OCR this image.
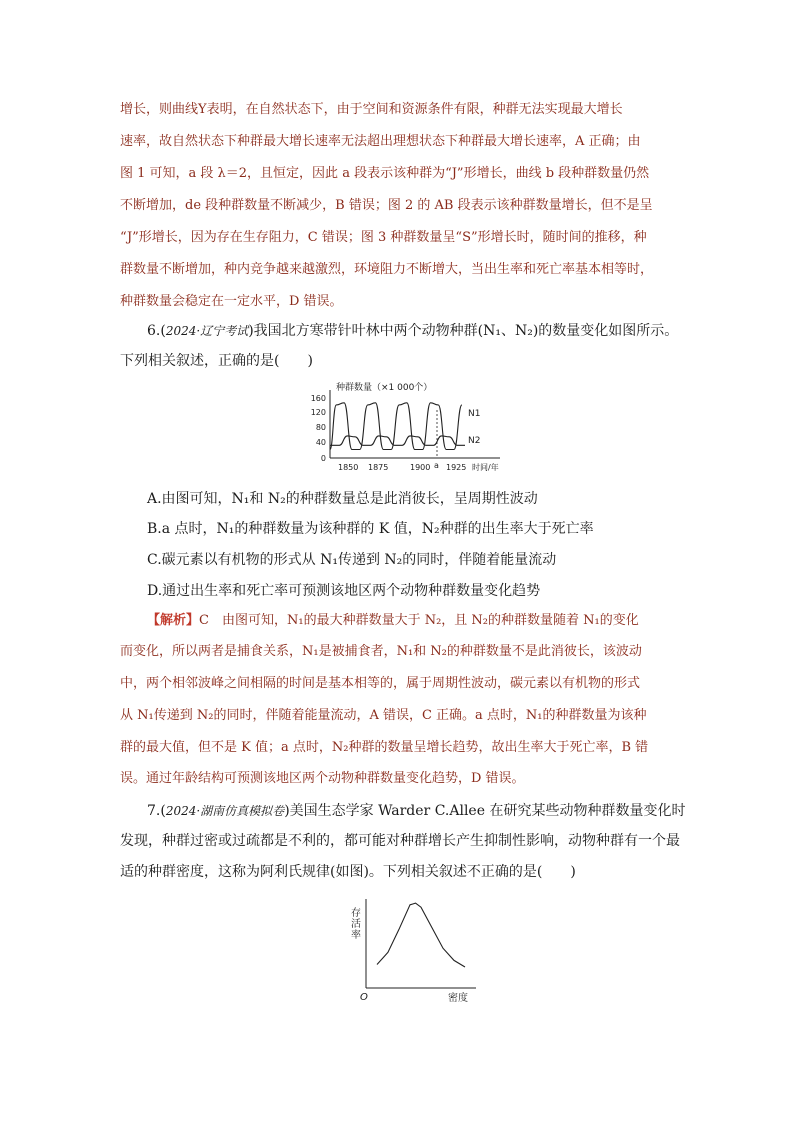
增长，则曲线Y表明，在自然状态下，由于空间和资源条件有限，种群无法实现最大增长
速率，故自然状态下种群最大增长速率无法超出理想状态下种群最大增长速率，A 正确；由
图 1 可知，a 段 λ＝2，且恒定，因此 a 段表示该种群为“J”形增长，曲线 b 段种群数量仍然
不断增加，de 段种群数量不断减少，B 错误；图 2 的 AB 段表示该种群数量增长，但不是呈
“J”形增长，因为存在生存阻力，C 错误；图 3 种群数量呈“S”形增长时，随时间的推移，种
群数量不断增加，种内竞争越来越激烈，环境阻力不断增大，当出生率和死亡率基本相等时，
种群数量会稳定在一定水平，D 错误。
6.(2024·辽宁考试)我国北方寒带针叶林中两个动物种群(N₁、N₂)的数量变化如图所示。
下列相关叙述，正确的是(　　)
种群数量（×1 000个）
160
120
80
40
0
N1
N2
1850 1875	1900 a 1925 时间/年
A.由图可知，N₁和 N₂的种群数量总是此消彼长，呈周期性波动
B.a 点时，N₁的种群数量为该种群的 K 值，N₂种群的出生率大于死亡率
C.碳元素以有机物的形式从 N₁传递到 N₂的同时，伴随着能量流动
D.通过出生率和死亡率可预测该地区两个动物种群数量变化趋势
【解析】C　 由图可知，N₁的最大种群数量大于 N₂，且 N₂的种群数量随着 N₁的变化
而变化，所以两者是捕食关系，N₁是被捕食者，N₁和 N₂的种群数量不是此消彼长，该波动
中，两个相邻波峰之间相隔的时间是基本相等的，属于周期性波动，碳元素以有机物的形式
从 N₁传递到 N₂的同时，伴随着能量流动，A 错误，C 正确。a 点时，N₁的种群数量为该种
群的最大值，但不是 K 值；a 点时，N₂种群的数量呈增长趋势，故出生率大于死亡率，B 错
误。通过年龄结构可预测该地区两个动物种群数量变化趋势，D 错误。
7.(2024·湖南仿真模拟卷)美国生态学家 Warder C.Allee 在研究某些动物种群数量变化时
发现，种群过密或过疏都是不利的，都可能对种群增长产生抑制性影响，动物种群有一个最
适的种群密度，这称为阿利氏规律(如图)。下列相关叙述不正确的是(　　)
存活率
O	密度
